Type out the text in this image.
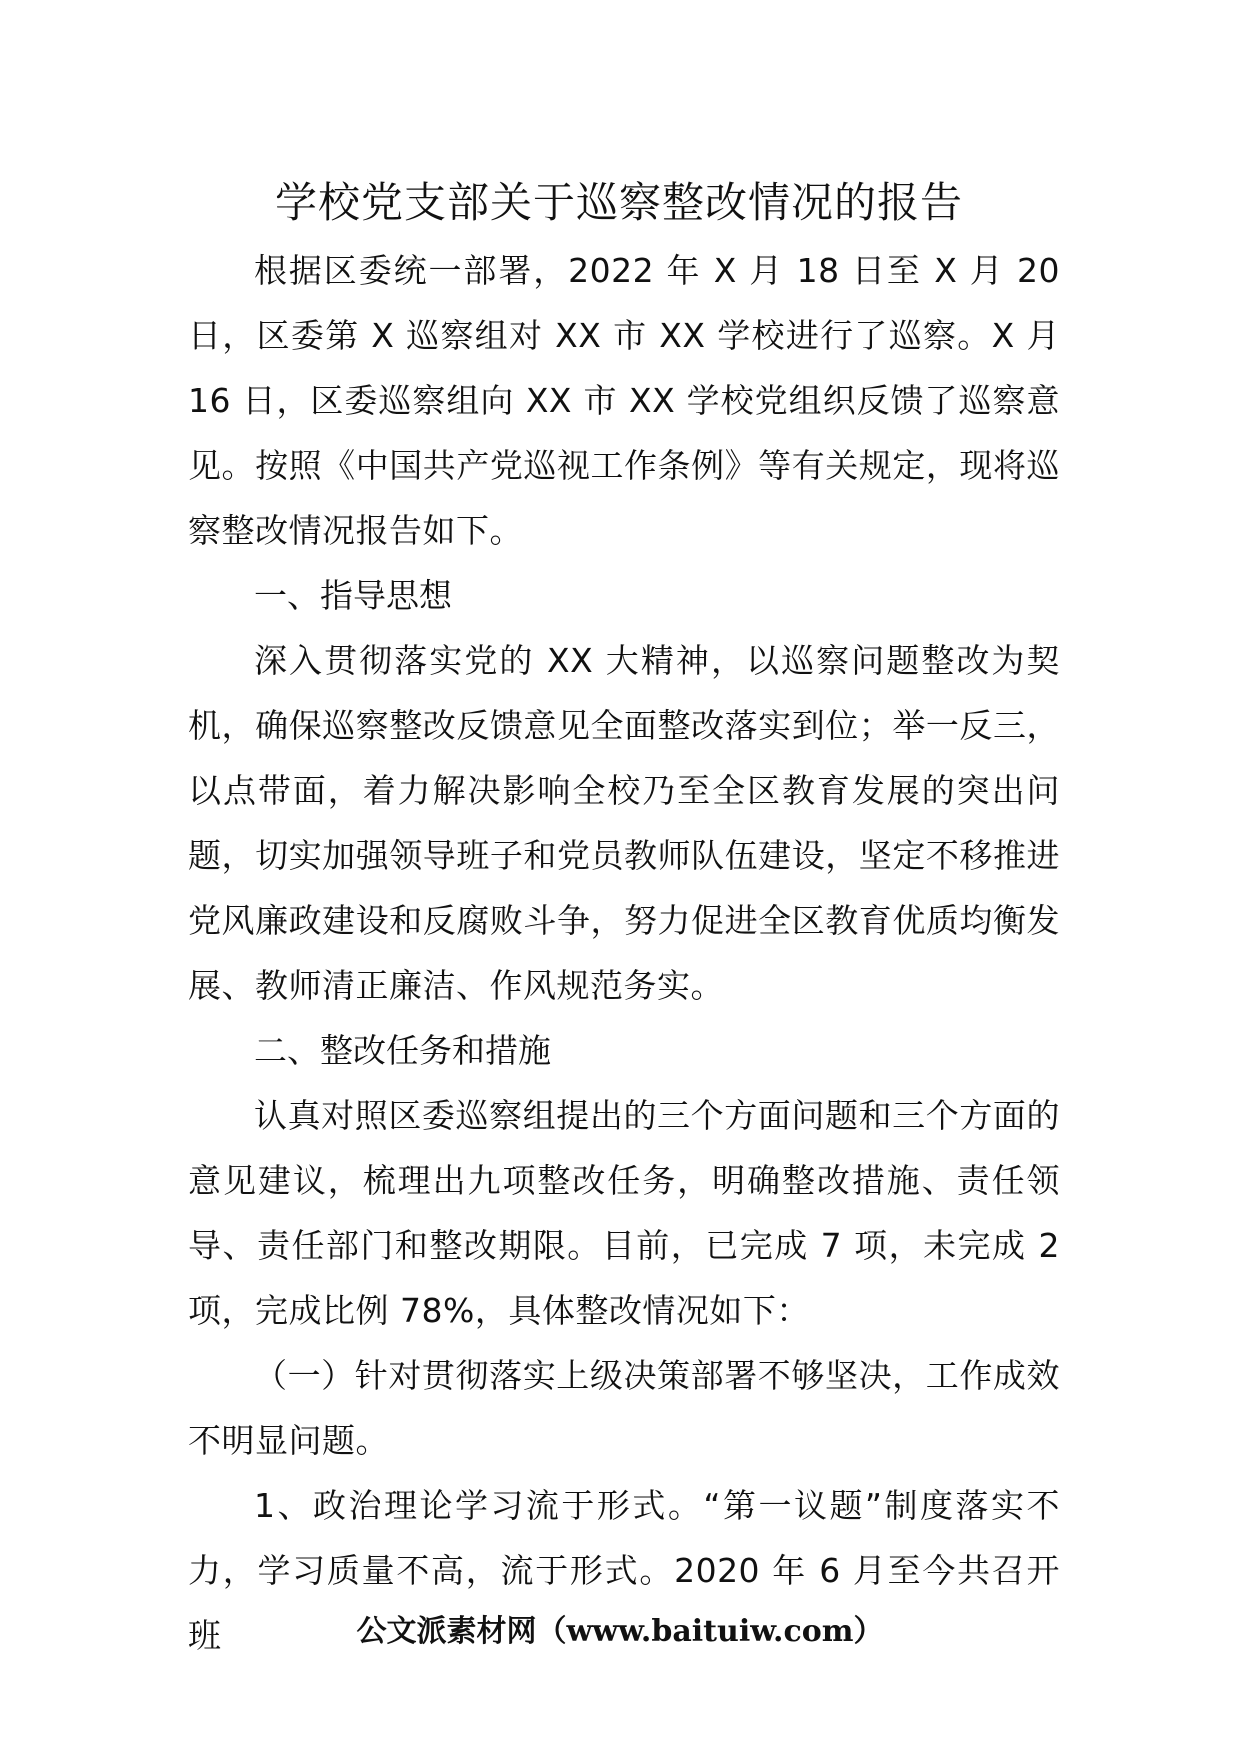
学校党支部关于巡察整改情况的报告

根据区委统一部署，2022 年 X 月 18 日至 X 月 20 日，区委第 X 巡察组对 XX 市 XX 学校进行了巡察。X 月 16 日，区委巡察组向 XX 市 XX 学校党组织反馈了巡察意见。按照《中国共产党巡视工作条例》等有关规定，现将巡察整改情况报告如下。

一、指导思想

深入贯彻落实党的 XX 大精神，以巡察问题整改为契机，确保巡察整改反馈意见全面整改落实到位；举一反三，以点带面，着力解决影响全校乃至全区教育发展的突出问题，切实加强领导班子和党员教师队伍建设，坚定不移推进党风廉政建设和反腐败斗争，努力促进全区教育优质均衡发展、教师清正廉洁、作风规范务实。

二、整改任务和措施

认真对照区委巡察组提出的三个方面问题和三个方面的意见建议，梳理出九项整改任务，明确整改措施、责任领导、责任部门和整改期限。目前，已完成 7 项，未完成 2 项，完成比例 78%，具体整改情况如下：

（一）针对贯彻落实上级决策部署不够坚决，工作成效不明显问题。

1、政治理论学习流于形式。“第一议题”制度落实不力，学习质量不高，流于形式。2020 年 6 月至今共召开班	公文派素材网（www.baituiw.com）
